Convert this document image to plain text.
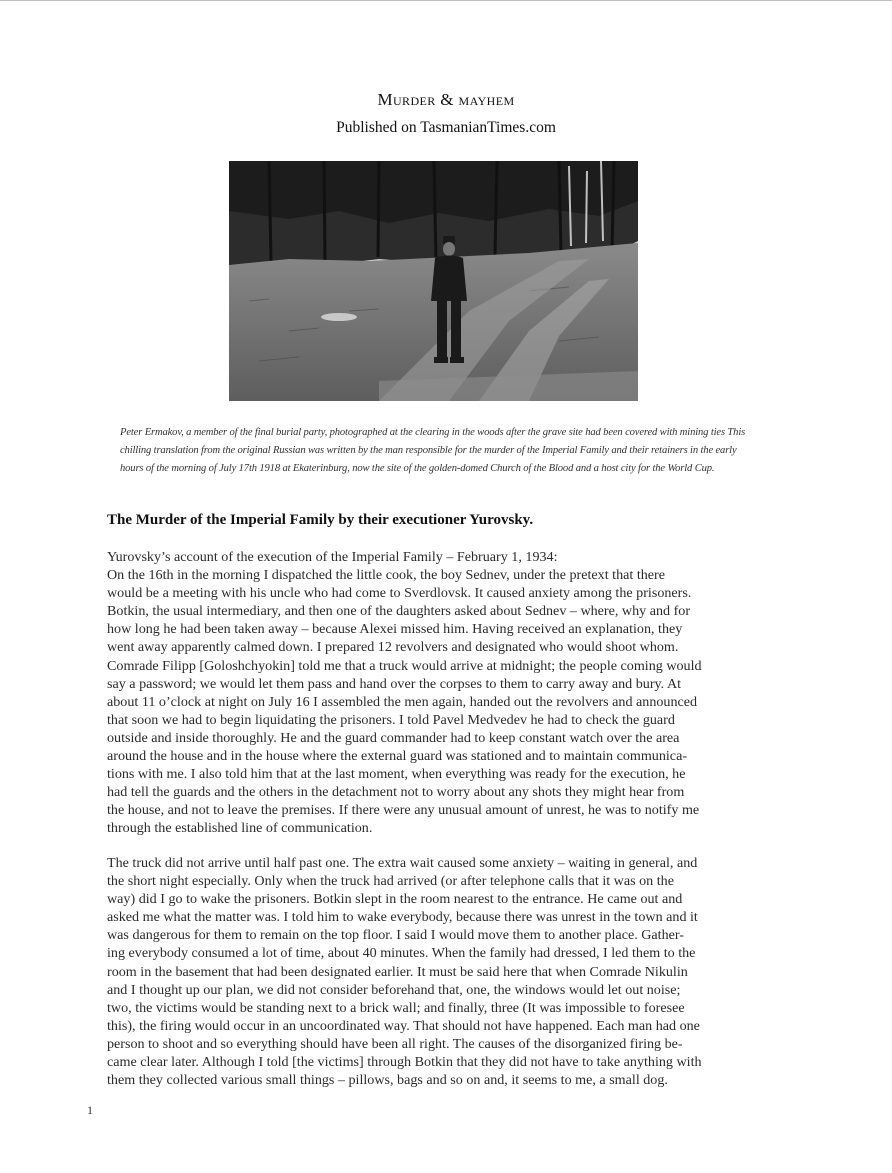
Murder & mayhem
Published on TasmanianTimes.com
Peter Ermakov, a member of the final burial party, photographed at the clearing in the woods after the grave site had been covered with mining ties This
chilling translation from the original Russian was written by the man responsible for the murder of the Imperial Family and their retainers in the early
hours of the morning of July 17th 1918 at Ekaterinburg, now the site of the golden-domed Church of the Blood and a host city for the World Cup.
The Murder of the Imperial Family by their executioner Yurovsky.
Yurovsky’s account of the execution of the Imperial Family – February 1, 1934:
On the 16th in the morning I dispatched the little cook, the boy Sednev, under the pretext that there
would be a meeting with his uncle who had come to Sverdlovsk. It caused anxiety among the prisoners.
Botkin, the usual intermediary, and then one of the daughters asked about Sednev – where, why and for
how long he had been taken away – because Alexei missed him. Having received an explanation, they
went away apparently calmed down. I prepared 12 revolvers and designated who would shoot whom.
Comrade Filipp [Goloshchyokin] told me that a truck would arrive at midnight; the people coming would
say a password; we would let them pass and hand over the corpses to them to carry away and bury. At
about 11 o’clock at night on July 16 I assembled the men again, handed out the revolvers and announced
that soon we had to begin liquidating the prisoners. I told Pavel Medvedev he had to check the guard
outside and inside thoroughly. He and the guard commander had to keep constant watch over the area
around the house and in the house where the external guard was stationed and to maintain communica-
tions with me. I also told him that at the last moment, when everything was ready for the execution, he
had tell the guards and the others in the detachment not to worry about any shots they might hear from
the house, and not to leave the premises. If there were any unusual amount of unrest, he was to notify me
through the established line of communication.
The truck did not arrive until half past one. The extra wait caused some anxiety – waiting in general, and
the short night especially. Only when the truck had arrived (or after telephone calls that it was on the
way) did I go to wake the prisoners. Botkin slept in the room nearest to the entrance. He came out and
asked me what the matter was. I told him to wake everybody, because there was unrest in the town and it
was dangerous for them to remain on the top floor. I said I would move them to another place. Gather-
ing everybody consumed a lot of time, about 40 minutes. When the family had dressed, I led them to the
room in the basement that had been designated earlier. It must be said here that when Comrade Nikulin
and I thought up our plan, we did not consider beforehand that, one, the windows would let out noise;
two, the victims would be standing next to a brick wall; and finally, three (It was impossible to foresee
this), the firing would occur in an uncoordinated way. That should not have happened. Each man had one
person to shoot and so everything should have been all right. The causes of the disorganized firing be-
came clear later. Although I told [the victims] through Botkin that they did not have to take anything with
them they collected various small things – pillows, bags and so on and, it seems to me, a small dog.
1
